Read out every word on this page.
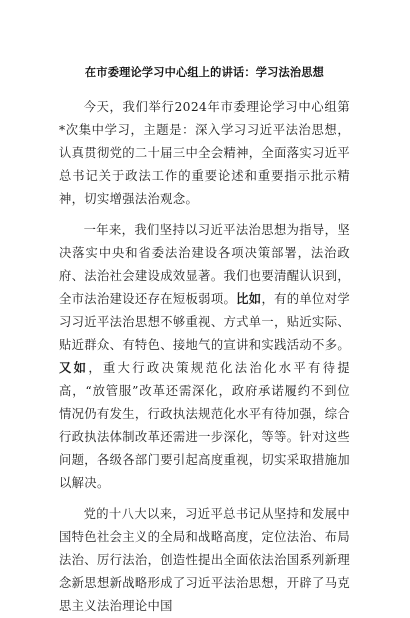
在市委理论学习中心组上的讲话：学习法治思想

今天，我们举行2024年市委理论学习中心组第*次集中学习，主题是：深入学习习近平法治思想，认真贯彻党的二十届三中全会精神，全面落实习近平总书记关于政法工作的重要论述和重要指示批示精神，切实增强法治观念。

一年来，我们坚持以习近平法治思想为指导，坚决落实中央和省委法治建设各项决策部署，法治政府、法治社会建设成效显著。我们也要清醒认识到，全市法治建设还存在短板弱项。比如，有的单位对学习习近平法治思想不够重视、方式单一，贴近实际、贴近群众、有特色、接地气的宣讲和实践活动不多。又如，重大行政决策规范化法治化水平有待提高，“放管服”改革还需深化，政府承诺履约不到位情况仍有发生，行政执法规范化水平有待加强，综合行政执法体制改革还需进一步深化，等等。针对这些问题，各级各部门要引起高度重视，切实采取措施加以解决。

党的十八大以来，习近平总书记从坚持和发展中国特色社会主义的全局和战略高度，定位法治、布局法治、厉行法治，创造性提出全面依法治国系列新理念新思想新战略形成了习近平法治思想，开辟了马克思主义法治理论中国
